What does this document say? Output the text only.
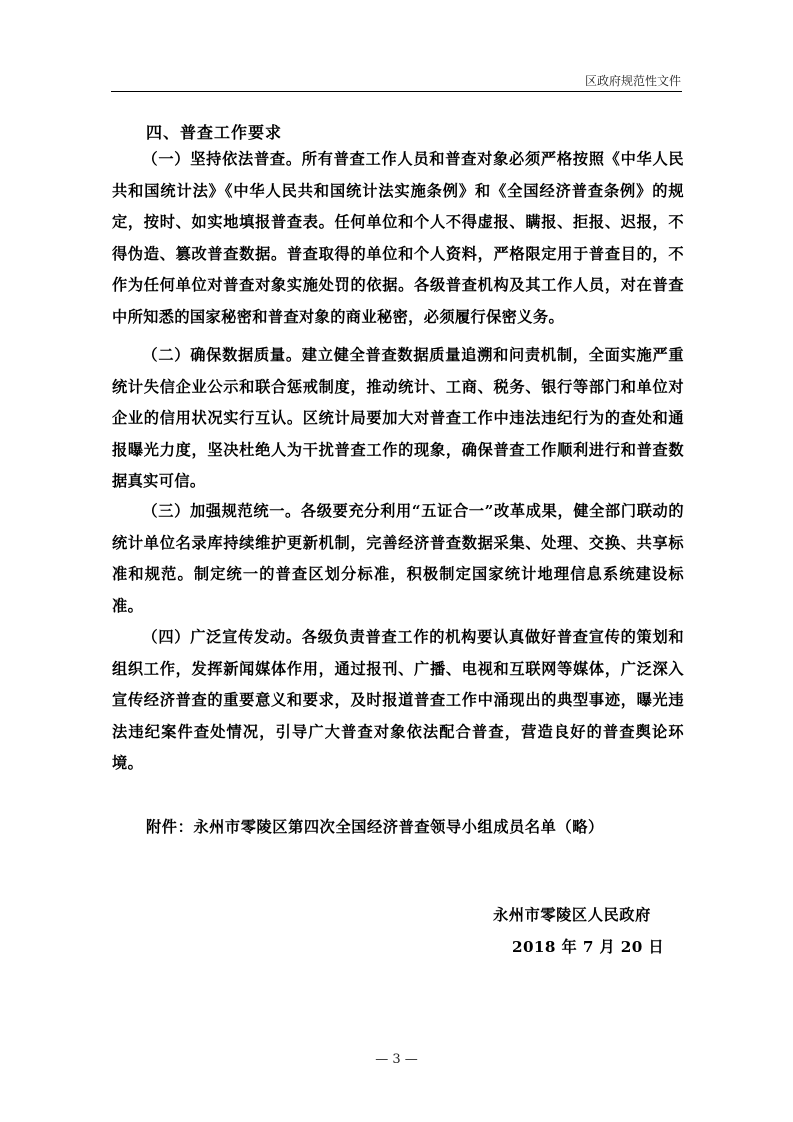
区政府规范性文件
四、普查工作要求

（一）坚持依法普查。所有普查工作人员和普查对象必须严格按照《中华人民共和国统计法》《中华人民共和国统计法实施条例》和《全国经济普查条例》的规定，按时、如实地填报普查表。任何单位和个人不得虚报、瞒报、拒报、迟报，不得伪造、篡改普查数据。普查取得的单位和个人资料，严格限定用于普查目的，不作为任何单位对普查对象实施处罚的依据。各级普查机构及其工作人员，对在普查中所知悉的国家秘密和普查对象的商业秘密，必须履行保密义务。

（二）确保数据质量。建立健全普查数据质量追溯和问责机制，全面实施严重统计失信企业公示和联合惩戒制度，推动统计、工商、税务、银行等部门和单位对企业的信用状况实行互认。区统计局要加大对普查工作中违法违纪行为的查处和通报曝光力度，坚决杜绝人为干扰普查工作的现象，确保普查工作顺利进行和普查数据真实可信。

（三）加强规范统一。各级要充分利用“五证合一”改革成果，健全部门联动的统计单位名录库持续维护更新机制，完善经济普查数据采集、处理、交换、共享标准和规范。制定统一的普查区划分标准，积极制定国家统计地理信息系统建设标准。

（四）广泛宣传发动。各级负责普查工作的机构要认真做好普查宣传的策划和组织工作，发挥新闻媒体作用，通过报刊、广播、电视和互联网等媒体，广泛深入宣传经济普查的重要意义和要求，及时报道普查工作中涌现出的典型事迹，曝光违法违纪案件查处情况，引导广大普查对象依法配合普查，营造良好的普查舆论环境。

附件：永州市零陵区第四次全国经济普查领导小组成员名单（略）
永州市零陵区人民政府
2018 年 7 月 20 日
— 3 —
